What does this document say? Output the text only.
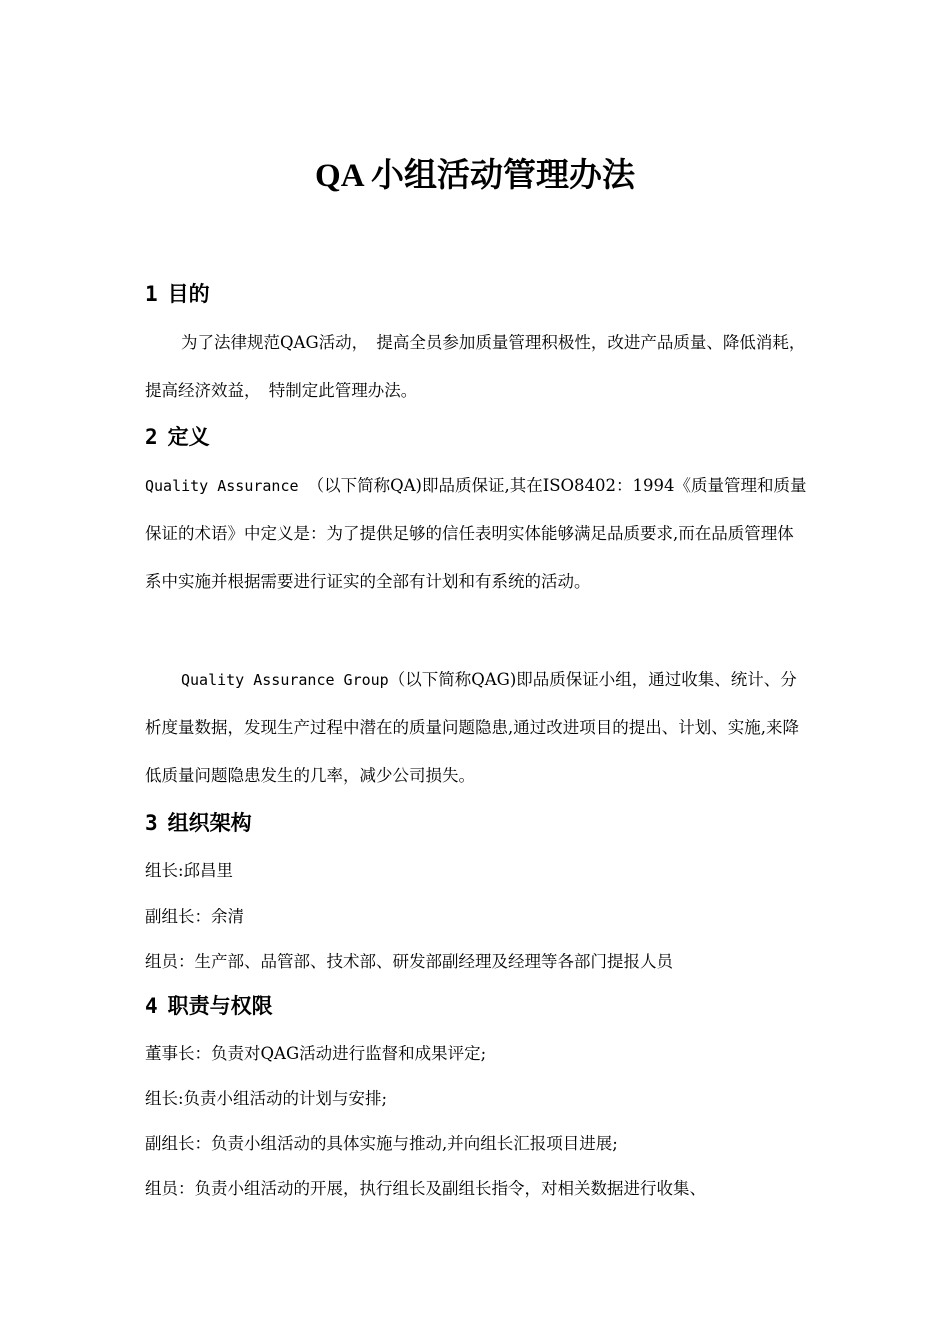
QA 小组活动管理办法
1 目的

为了法律规范QAG活动，　提高全员参加质量管理积极性，改进产品质量、降低消耗，提高经济效益，　特制定此管理办法。

2 定义

Quality Assurance （以下简称QA)即品质保证,其在ISO8402：1994《质量管理和质量保证的术语》中定义是：为了提供足够的信任表明实体能够满足品质要求,而在品质管理体系中实施并根据需要进行证实的全部有计划和有系统的活动。

Quality Assurance Group（以下简称QAG)即品质保证小组，通过收集、统计、分析度量数据，发现生产过程中潜在的质量问题隐患,通过改进项目的提出、计划、实施,来降低质量问题隐患发生的几率，减少公司损失。

3 组织架构

组长:邱昌里

副组长：余清

组员：生产部、品管部、技术部、研发部副经理及经理等各部门提报人员

4 职责与权限

董事长：负责对QAG活动进行监督和成果评定;

组长:负责小组活动的计划与安排;

副组长：负责小组活动的具体实施与推动,并向组长汇报项目进展;

组员：负责小组活动的开展，执行组长及副组长指令，对相关数据进行收集、
